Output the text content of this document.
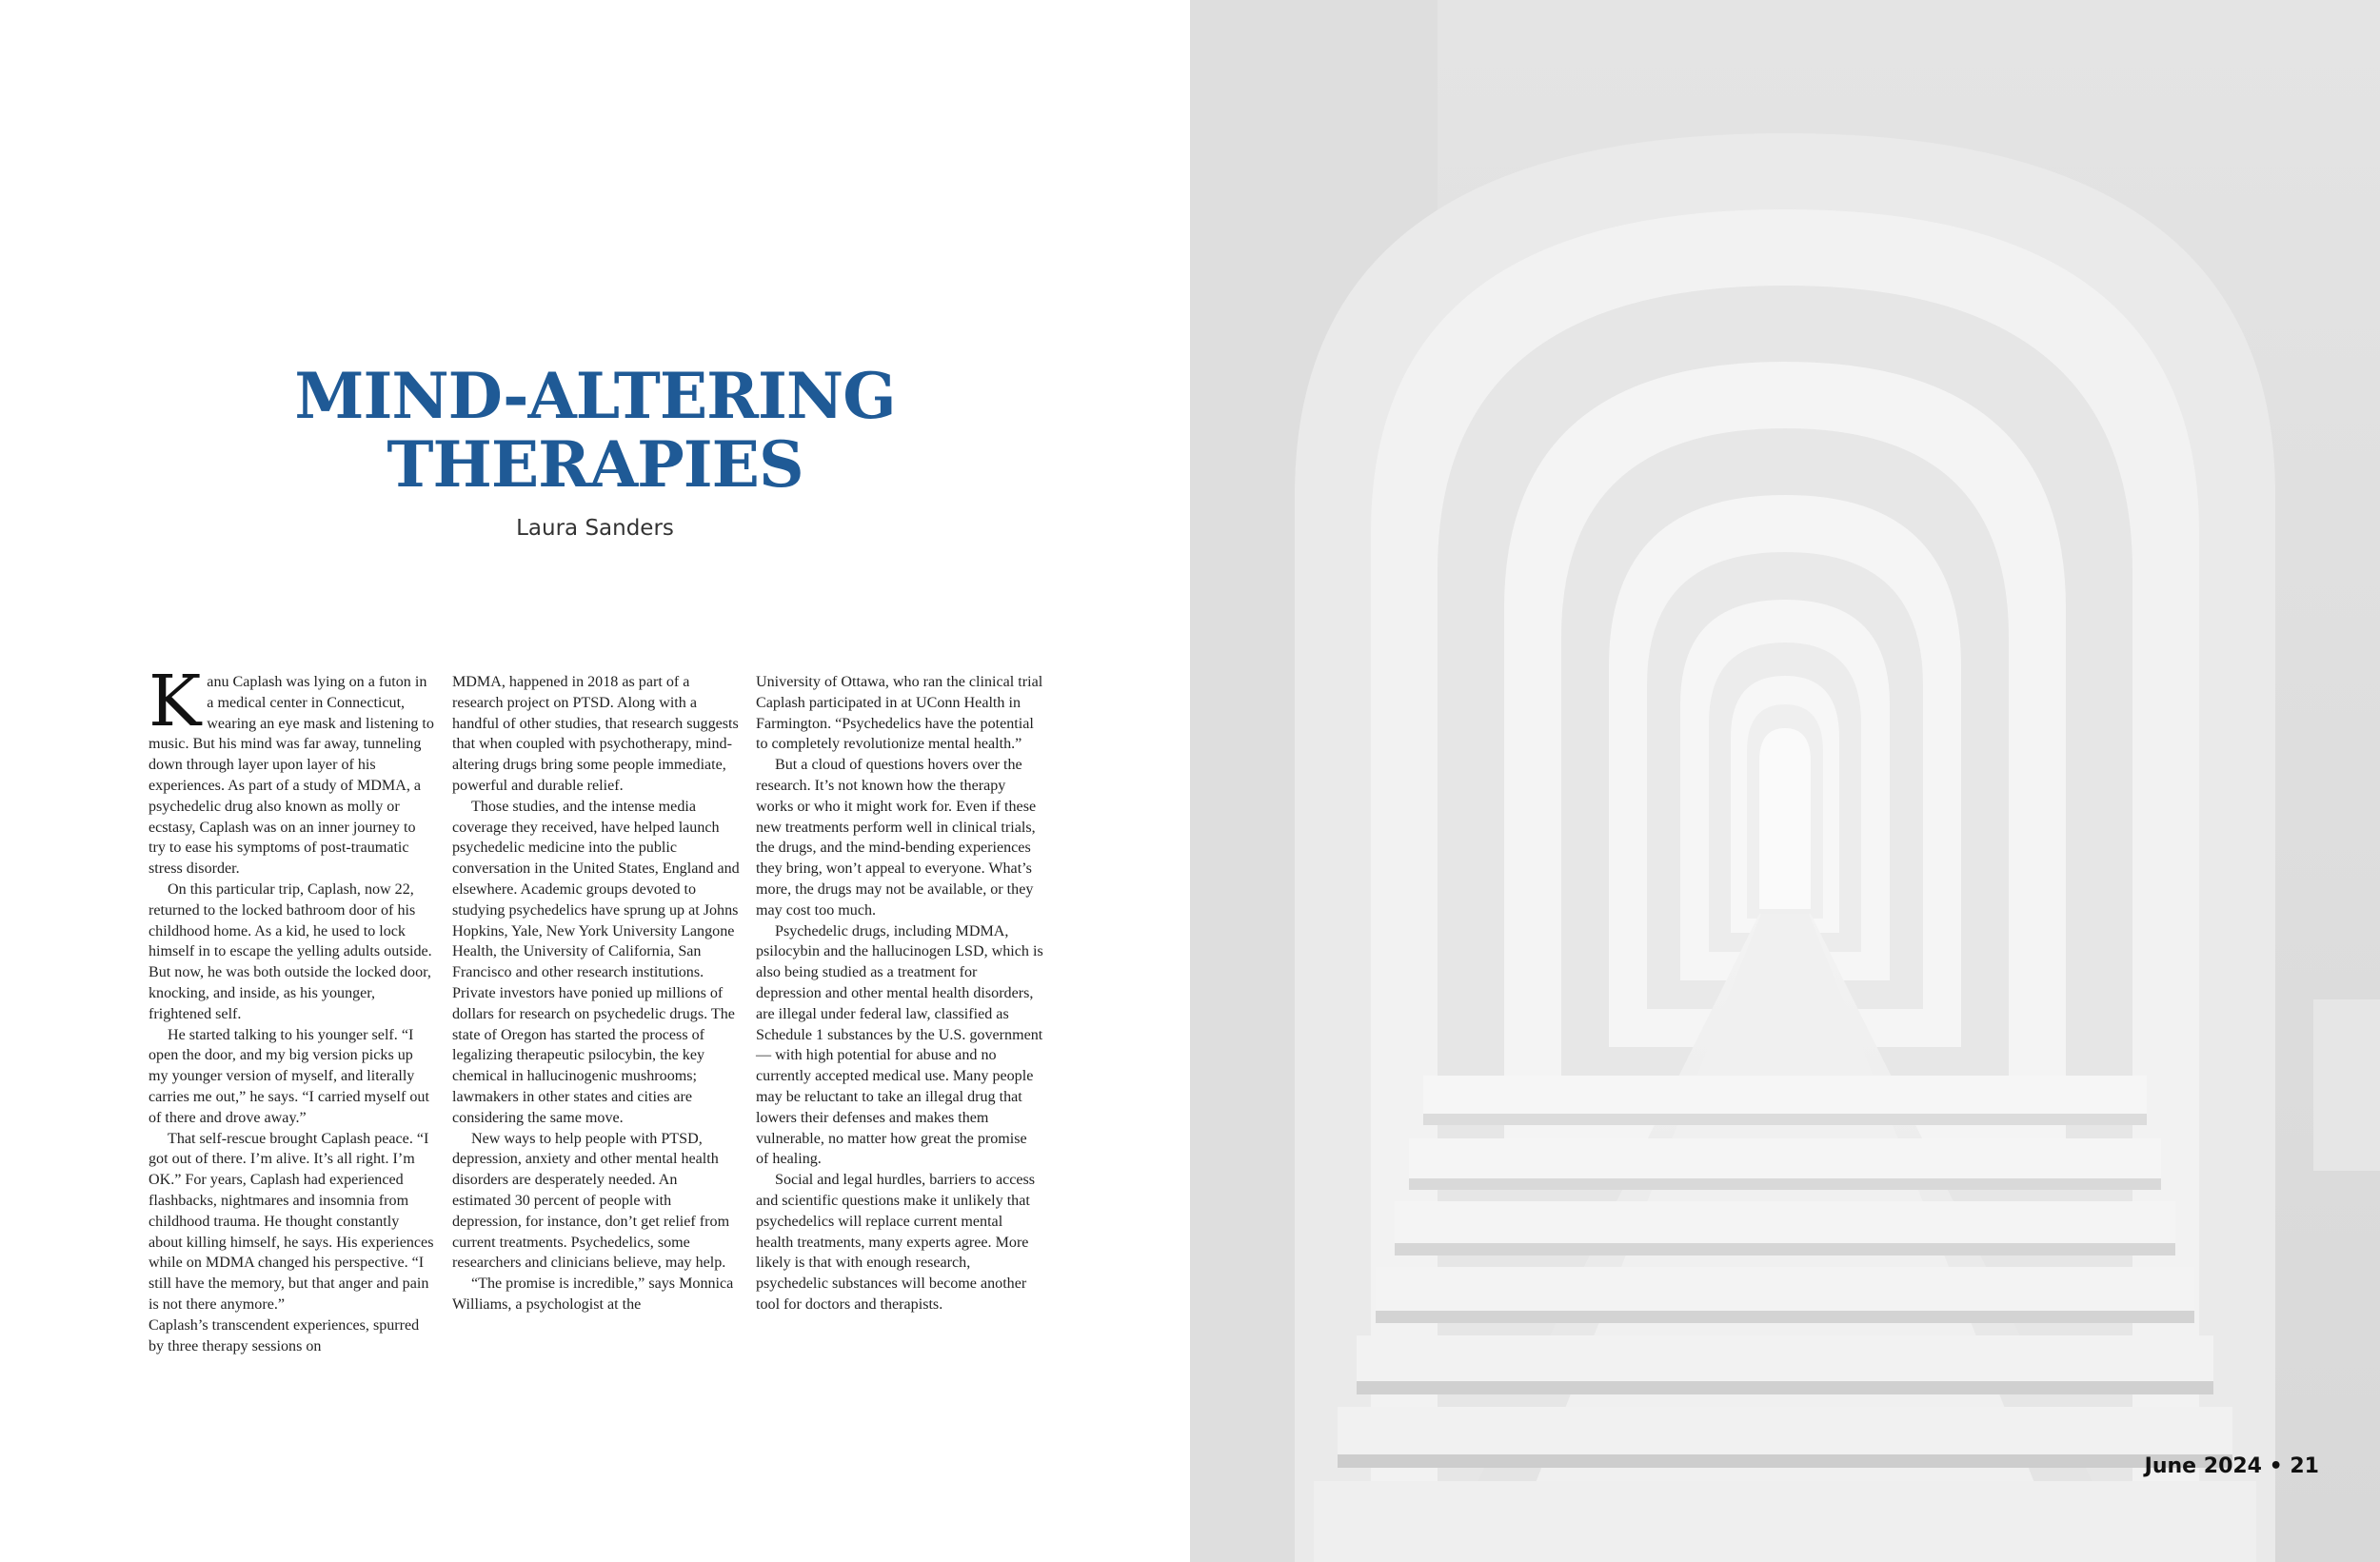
MIND-ALTERING
THERAPIES
Laura Sanders

Kanu Caplash was lying on a futon in a medical center in Connecticut, wearing an eye mask and listening to music. But his mind was far away, tunneling down through layer upon layer of his experiences. As part of a study of MDMA, a psychedelic drug also known as molly or ecstasy, Caplash was on an inner journey to try to ease his symptoms of post-traumatic stress disorder.

On this particular trip, Caplash, now 22, returned to the locked bathroom door of his childhood home. As a kid, he used to lock himself in to escape the yelling adults outside. But now, he was both outside the locked door, knocking, and inside, as his younger, frightened self.

He started talking to his younger self. “I open the door, and my big version picks up my younger version of myself, and literally carries me out,” he says. “I carried myself out of there and drove away.”

That self-rescue brought Caplash peace. “I got out of there. I’m alive. It’s all right. I’m OK.” For years, Caplash had experienced flashbacks, nightmares and insomnia from childhood trauma. He thought constantly about killing himself, he says. His experiences while on MDMA changed his perspective. “I still have the memory, but that anger and pain is not there anymore.”

Caplash’s transcendent experiences, spurred by three therapy sessions on

MDMA, happened in 2018 as part of a research project on PTSD. Along with a handful of other studies, that research suggests that when coupled with psychotherapy, mind-altering drugs bring some people immediate, powerful and durable relief.

Those studies, and the intense media coverage they received, have helped launch psychedelic medicine into the public conversation in the United States, England and elsewhere. Academic groups devoted to studying psychedelics have sprung up at Johns Hopkins, Yale, New York University Langone Health, the University of California, San Francisco and other research institutions. Private investors have ponied up millions of dollars for research on psychedelic drugs. The state of Oregon has started the process of legalizing therapeutic psilocybin, the key chemical in hallucinogenic mushrooms; lawmakers in other states and cities are considering the same move.

New ways to help people with PTSD, depression, anxiety and other mental health disorders are desperately needed. An estimated 30 percent of people with depression, for instance, don’t get relief from current treatments. Psychedelics, some researchers and clinicians believe, may help.

“The promise is incredible,” says Monnica Williams, a psychologist at the

University of Ottawa, who ran the clinical trial Caplash participated in at UConn Health in Farmington. “Psychedelics have the potential to completely revolutionize mental health.”

But a cloud of questions hovers over the research. It’s not known how the therapy works or who it might work for. Even if these new treatments perform well in clinical trials, the drugs, and the mind-bending experiences they bring, won’t appeal to everyone. What’s more, the drugs may not be available, or they may cost too much.

Psychedelic drugs, including MDMA, psilocybin and the hallucinogen LSD, which is also being studied as a treatment for depression and other mental health disorders, are illegal under federal law, classified as Schedule 1 substances by the U.S. government — with high potential for abuse and no currently accepted medical use. Many people may be reluctant to take an illegal drug that lowers their defenses and makes them vulnerable, no matter how great the promise of healing.

Social and legal hurdles, barriers to access and scientific questions make it unlikely that psychedelics will replace current mental health treatments, many experts agree. More likely is that with enough research, psychedelic substances will become another tool for doctors and therapists.

June 2024 • 21
